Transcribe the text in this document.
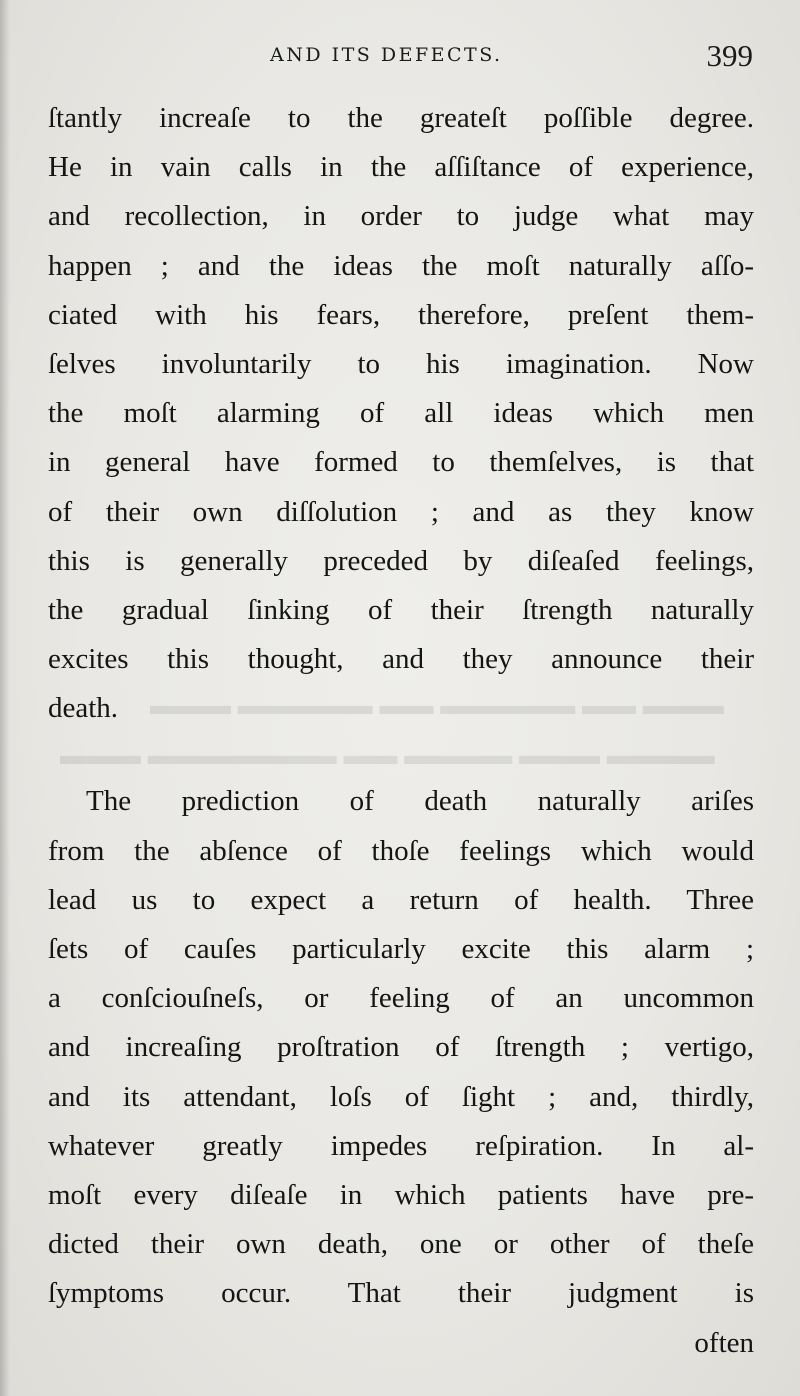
▬▬▬ ▬▬ ▬▬▬▬▬ ▬▬ ▬▬▬▬▬ ▬▬▬
▬▬▬▬ ▬▬▬ ▬▬▬▬ ▬▬ ▬▬▬▬▬▬▬ ▬▬▬
AND ITS DEFECTS.	399
ſtantly increaſe to the greateſt poſſible degree.
He in vain calls in the aſſiſtance of experience,
and recollection, in order to judge what may
happen ; and the ideas the moſt naturally aſſo-
ciated with his fears, therefore, preſent them-
ſelves involuntarily to his imagination. Now
the moſt alarming of all ideas which men
in general have formed to themſelves, is that
of their own diſſolution ; and as they know
this is generally preceded by diſeaſed feelings,
the gradual ſinking of their ſtrength naturally
excites this thought, and they announce their
death.
The prediction of death naturally ariſes
from the abſence of thoſe feelings which would
lead us to expect a return of health. Three
ſets of cauſes particularly excite this alarm ;
a conſciouſneſs, or feeling of an uncommon
and increaſing proſtration of ſtrength ; vertigo,
and its attendant, loſs of ſight ; and, thirdly,
whatever greatly impedes reſpiration. In al-
moſt every diſeaſe in which patients have pre-
dicted their own death, one or other of theſe
ſymptoms occur. That their judgment is
often
